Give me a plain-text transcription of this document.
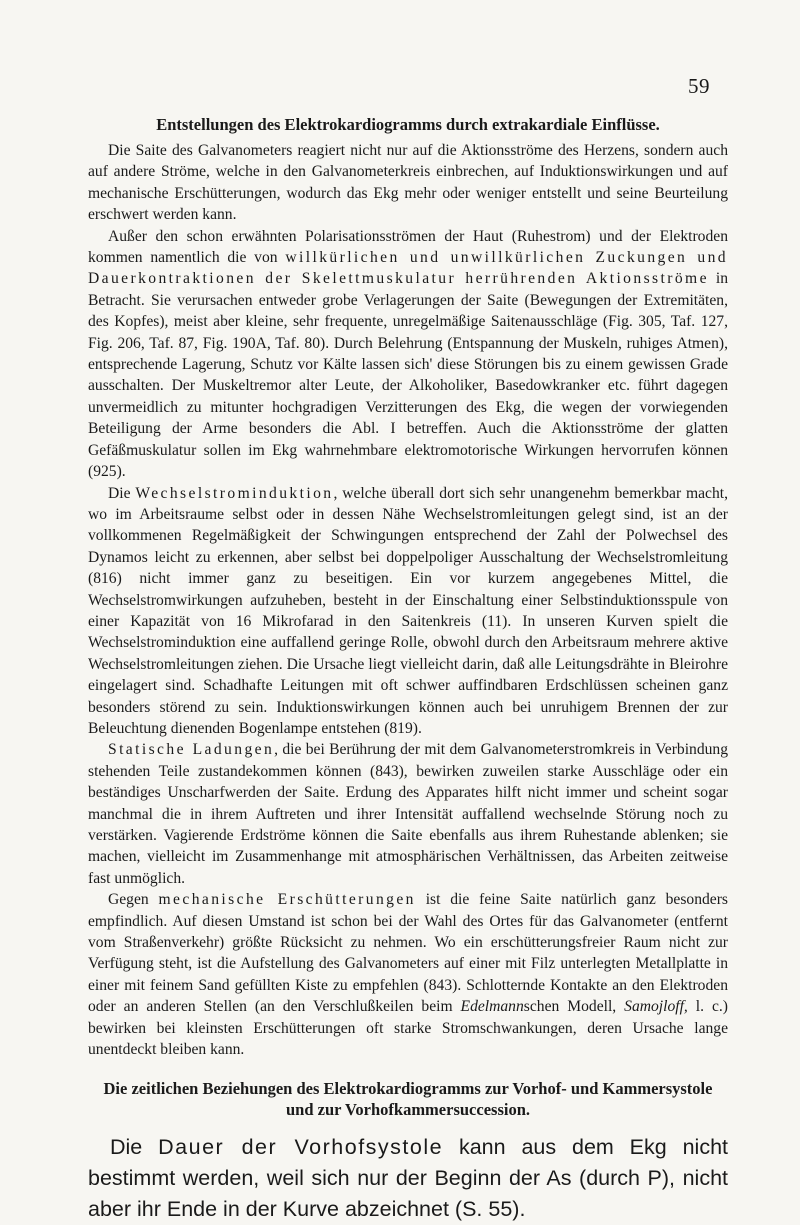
59
Entstellungen des Elektrokardiogramms durch extrakardiale Einflüsse.

Die Saite des Galvanometers reagiert nicht nur auf die Aktionsströme des Herzens, sondern auch auf andere Ströme, welche in den Galvanometerkreis einbrechen, auf Induktionswirkungen und auf mechanische Erschütterungen, wodurch das Ekg mehr oder weniger entstellt und seine Beurteilung erschwert werden kann.

Außer den schon erwähnten Polarisationsströmen der Haut (Ruhestrom) und der Elektroden kommen namentlich die von willkürlichen und unwillkürlichen Zuckungen und Dauerkontraktionen der Skelettmuskulatur herrührenden Aktionsströme in Betracht. Sie verursachen entweder grobe Verlagerungen der Saite (Bewegungen der Extremitäten, des Kopfes), meist aber kleine, sehr frequente, unregelmäßige Saitenausschläge (Fig. 305, Taf. 127, Fig. 206, Taf. 87, Fig. 190A, Taf. 80). Durch Belehrung (Entspannung der Muskeln, ruhiges Atmen), entsprechende Lagerung, Schutz vor Kälte lassen sich' diese Störungen bis zu einem gewissen Grade ausschalten. Der Muskeltremor alter Leute, der Alkoholiker, Basedowkranker etc. führt dagegen unvermeidlich zu mitunter hochgradigen Verzitterungen des Ekg, die wegen der vorwiegenden Beteiligung der Arme besonders die Abl. I betreffen. Auch die Aktionsströme der glatten Gefäßmuskulatur sollen im Ekg wahrnehmbare elektromotorische Wirkungen hervorrufen können (925).

Die Wechselstrominduktion, welche überall dort sich sehr unangenehm bemerkbar macht, wo im Arbeitsraume selbst oder in dessen Nähe Wechselstromleitungen gelegt sind, ist an der vollkommenen Regelmäßigkeit der Schwingungen entsprechend der Zahl der Polwechsel des Dynamos leicht zu erkennen, aber selbst bei doppelpoliger Ausschaltung der Wechselstromleitung (816) nicht immer ganz zu beseitigen. Ein vor kurzem angegebenes Mittel, die Wechselstromwirkungen aufzuheben, besteht in der Einschaltung einer Selbstinduktionsspule von einer Kapazität von 16 Mikrofarad in den Saitenkreis (11). In unseren Kurven spielt die Wechselstrominduktion eine auffallend geringe Rolle, obwohl durch den Arbeitsraum mehrere aktive Wechselstromleitungen ziehen. Die Ursache liegt vielleicht darin, daß alle Leitungsdrähte in Bleirohre eingelagert sind. Schadhafte Leitungen mit oft schwer auffindbaren Erdschlüssen scheinen ganz besonders störend zu sein. Induktionswirkungen können auch bei unruhigem Brennen der zur Beleuchtung dienenden Bogenlampe entstehen (819).

Statische Ladungen, die bei Berührung der mit dem Galvanometerstromkreis in Verbindung stehenden Teile zustandekommen können (843), bewirken zuweilen starke Ausschläge oder ein beständiges Unscharfwerden der Saite. Erdung des Apparates hilft nicht immer und scheint sogar manchmal die in ihrem Auftreten und ihrer Intensität auffallend wechselnde Störung noch zu verstärken. Vagierende Erdströme können die Saite ebenfalls aus ihrem Ruhestande ablenken; sie machen, vielleicht im Zusammenhange mit atmosphärischen Verhältnissen, das Arbeiten zeitweise fast unmöglich.

Gegen mechanische Erschütterungen ist die feine Saite natürlich ganz besonders empfindlich. Auf diesen Umstand ist schon bei der Wahl des Ortes für das Galvanometer (entfernt vom Straßenverkehr) größte Rücksicht zu nehmen. Wo ein erschütterungsfreier Raum nicht zur Verfügung steht, ist die Aufstellung des Galvanometers auf einer mit Filz unterlegten Metallplatte in einer mit feinem Sand gefüllten Kiste zu empfehlen (843). Schlotternde Kontakte an den Elektroden oder an anderen Stellen (an den Verschlußkeilen beim Edelmannschen Modell, Samojloff, l. c.) bewirken bei kleinsten Erschütterungen oft starke Stromschwankungen, deren Ursache lange unentdeckt bleiben kann.

Die zeitlichen Beziehungen des Elektrokardiogramms zur Vorhof- und Kammersystole
und zur Vorhofkammersuccession.

Die Dauer der Vorhofsystole kann aus dem Ekg nicht bestimmt werden, weil sich nur der Beginn der As (durch P), nicht aber ihr Ende in der Kurve abzeichnet (S. 55).
